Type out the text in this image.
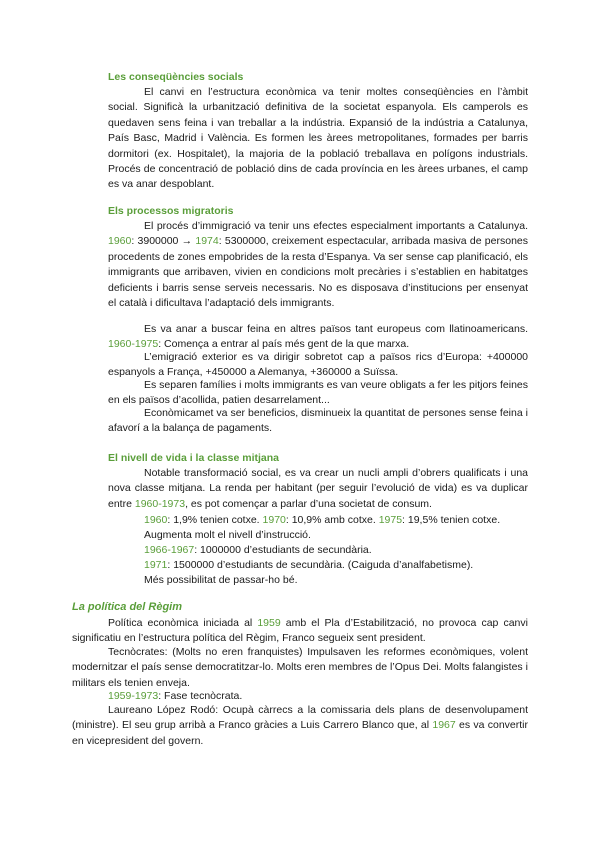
Les conseqüències socials
El canvi en l’estructura econòmica va tenir moltes conseqüències en l’àmbit social. Significà la urbanització definitiva de la societat espanyola. Els camperols es quedaven sens feina i van treballar a la indústria. Expansió de la indústria a Catalunya, País Basc, Madrid i València. Es formen les àrees metropolitanes, formades per barris dormitori (ex. Hospitalet), la majoria de la població treballava en polígons industrials. Procés de concentració de població dins de cada província en les àrees urbanes, el camp es va anar despoblant.
Els processos migratoris
El procés d’immigració va tenir uns efectes especialment importants a Catalunya. 1960: 3900000 → 1974: 5300000, creixement espectacular, arribada masiva de persones procedents de zones empobrides de la resta d’Espanya. Va ser sense cap planificació, els immigrants que arribaven, vivien en condicions molt precàries i s’establien en habitatges deficients i barris sense serveis necessaris. No es disposava d’institucions per ensenyat el català i dificultava l’adaptació dels immigrants.
Es va anar a buscar feina en altres països tant europeus com llatinoamericans. 1960-1975: Comença a entrar al país més gent de la que marxa.
L’emigració exterior es va dirigir sobretot cap a països rics d’Europa: +400000 espanyols a França, +450000 a Alemanya, +360000 a Suïssa.
Es separen famílies i molts immigrants es van veure obligats a fer les pitjors feines en els països d’acollida, patien desarrelament...
Econòmicamet va ser beneficios, disminueix la quantitat de persones sense feina i afavorí a la balança de pagaments.
El nivell de vida i la classe mitjana
Notable transformació social, es va crear un nucli ampli d’obrers qualificats i una nova classe mitjana. La renda per habitant (per seguir l’evolució de vida) es va duplicar entre 1960-1973, es pot començar a parlar d’una societat de consum.
1960: 1,9% tenien cotxe. 1970: 10,9% amb cotxe. 1975: 19,5% tenien cotxe.
Augmenta molt el nivell d’instrucció.
1966-1967: 1000000 d’estudiants de secundària.
1971: 1500000 d’estudiants de secundària. (Caiguda d’analfabetisme).
Més possibilitat de passar-ho bé.
La política del Règim
Política econòmica iniciada al 1959 amb el Pla d’Estabilització, no provoca cap canvi significatiu en l’estructura política del Règim, Franco segueix sent president.
Tecnòcrates: (Molts no eren franquistes) Impulsaven les reformes econòmiques, volent modernitzar el país sense democratitzar-lo. Molts eren membres de l’Opus Dei. Molts falangistes i militars els tenien enveja.
1959-1973: Fase tecnòcrata.
Laureano López Rodó: Ocupà càrrecs a la comissaria dels plans de desenvolupament (ministre). El seu grup arribà a Franco gràcies a Luis Carrero Blanco que, al 1967 es va convertir en vicepresident del govern.
